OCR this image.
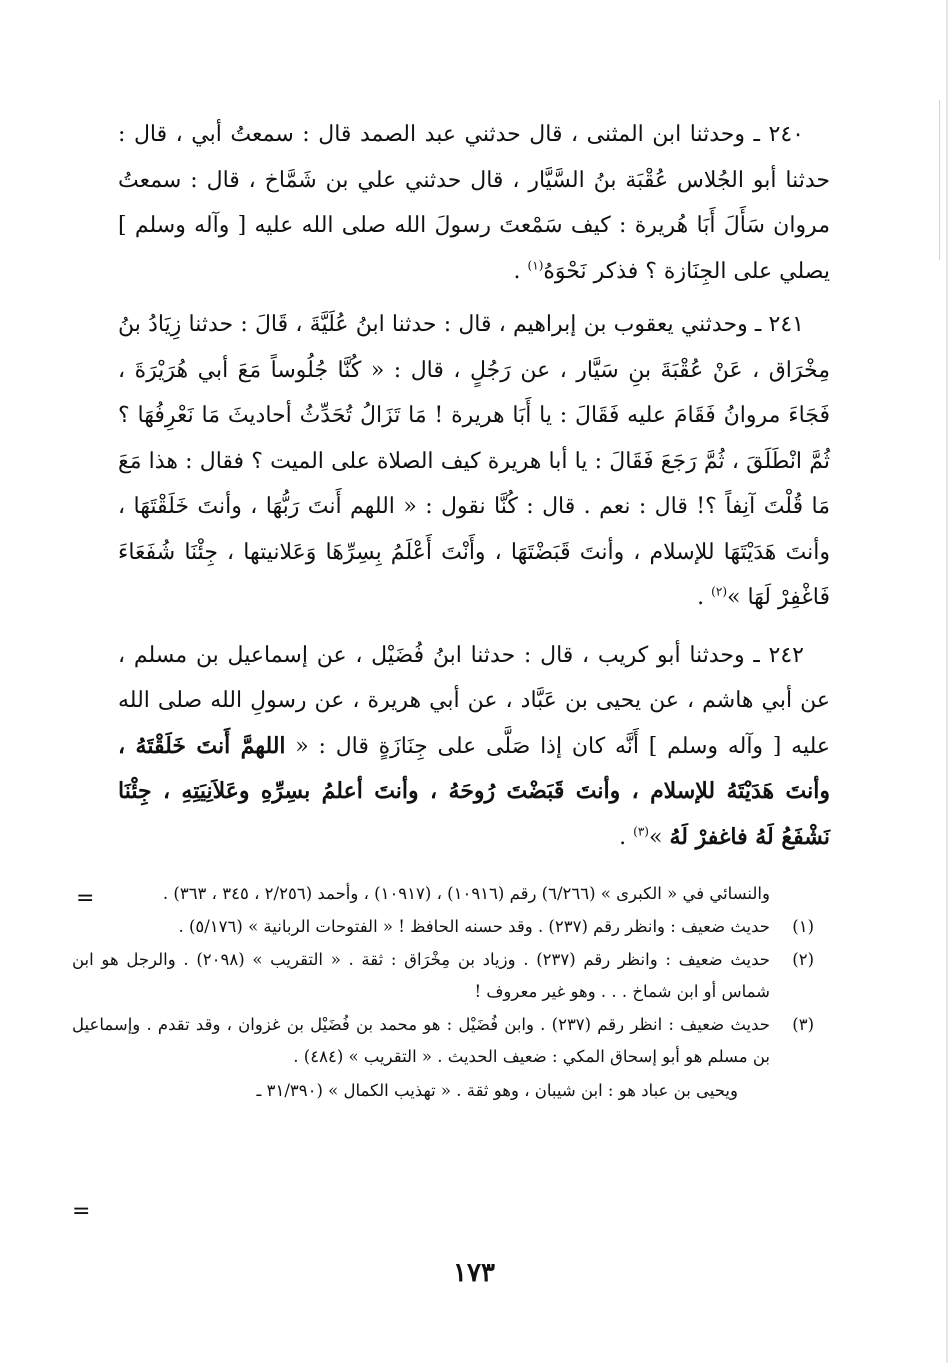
٢٤٠ ـ وحدثنا ابن المثنى ، قال حدثني عبد الصمد قال : سمعتُ أبي ، قال : حدثنا أبو الجُلاس عُقْبَة بنُ السَّيَّار ، قال حدثني علي بن شَمَّاخ ، قال : سمعتُ مروان سَأَلَ أَبَا هُريرة : كيف سَمْعتَ رسولَ الله صلى الله عليه [ وآله وسلم ] يصلي على الجِنَازة ؟ فذكر نَحْوَهُ$^{(١)}$ .

٢٤١ ـ وحدثني يعقوب بن إبراهيم ، قال : حدثنا ابنُ عُلَيَّةَ ، قَالَ : حدثنا زِيَادُ بنُ مِخْرَاق ، عَنْ عُقْبَةَ بنِ سَيَّار ، عن رَجُلٍ ، قال : « كُنَّا جُلُوساً مَعَ أبي هُرَيْرَةَ ، فَجَاءَ مروانُ فَقَامَ عليه فَقَالَ : يا أَبَا هريرة ! مَا تَزَالُ تُحَدِّثُ أحاديثَ مَا نَعْرِفُهَا ؟ ثُمَّ انْطَلَقَ ، ثُمَّ رَجَعَ فَقَالَ : يا أبا هريرة كيف الصلاة على الميت ؟ فقال : هذا مَعَ مَا قُلْتَ آنِفاً ؟! قال : نعم . قال : كُنَّا نقول : « اللهم أَنتَ رَبُّهَا ، وأنتَ خَلَقْتَهَا ، وأنتَ هَدَيْتَهَا للإسلام ، وأنتَ قَبَضْتَهَا ، وأَنْتَ أَعْلَمُ بِسِرِّهَا وَعَلانيتها ، جِئْنَا شُفَعَاءَ فَاغْفِرْ لَهَا »$^{(٢)}$ .

٢٤٢ ـ وحدثنا أبو كريب ، قال : حدثنا ابنُ فُضَيْل ، عن إسماعيل بن مسلم ، عن أبي هاشم ، عن يحيى بن عَبَّاد ، عن أبي هريرة ، عن رسولِ الله صلى الله عليه [ وآله وسلم ] أَنَّه كان إذا صَلَّى على جِنَازَةٍ قال : « اللهمَّ أَنتَ خَلَقْتَهُ ، وأنتَ هَدَيْتَهُ للإسلام ، وأنتَ قَبَضْتَ رُوحَهُ ، وأنتَ أعلمُ بسِرِّهِ وعَلاَنِيَتِهِ ، جِئْنَا نَشْفَعُ لَهُ فاغفرْ لَهُ »$^{(٣)}$ .

=	والنسائي في « الكبرى » (٦/٢٦٦) رقم (١٠٩١٦) ، (١٠٩١٧) ، وأحمد (٢/٢٥٦ ، ٣٤٥ ، ٣٦٣) .
(١)
حديث ضعيف : وانظر رقم (٢٣٧) . وقد حسنه الحافظ ! « الفتوحات الربانية » (٥/١٧٦) .
(٢)
حديث ضعيف : وانظر رقم (٢٣٧) . وزياد بن مِخْرَاق : ثقة . « التقريب » (٢٠٩٨) . والرجل هو ابن شماس أو ابن شماخ . . . وهو غير معروف !
(٣)
حديث ضعيف : انظر رقم (٢٣٧) . وابن فُضَيْل : هو محمد بن فُضَيْل بن غزوان ، وقد تقدم . وإسماعيل بن مسلم هو أبو إسحاق المكي : ضعيف الحديث . « التقريب » (٤٨٤) .
ويحيى بن عباد هو : ابن شيبان ، وهو ثقة . « تهذيب الكمال » (٣١/٣٩٠ ـ
=
١٧٣
